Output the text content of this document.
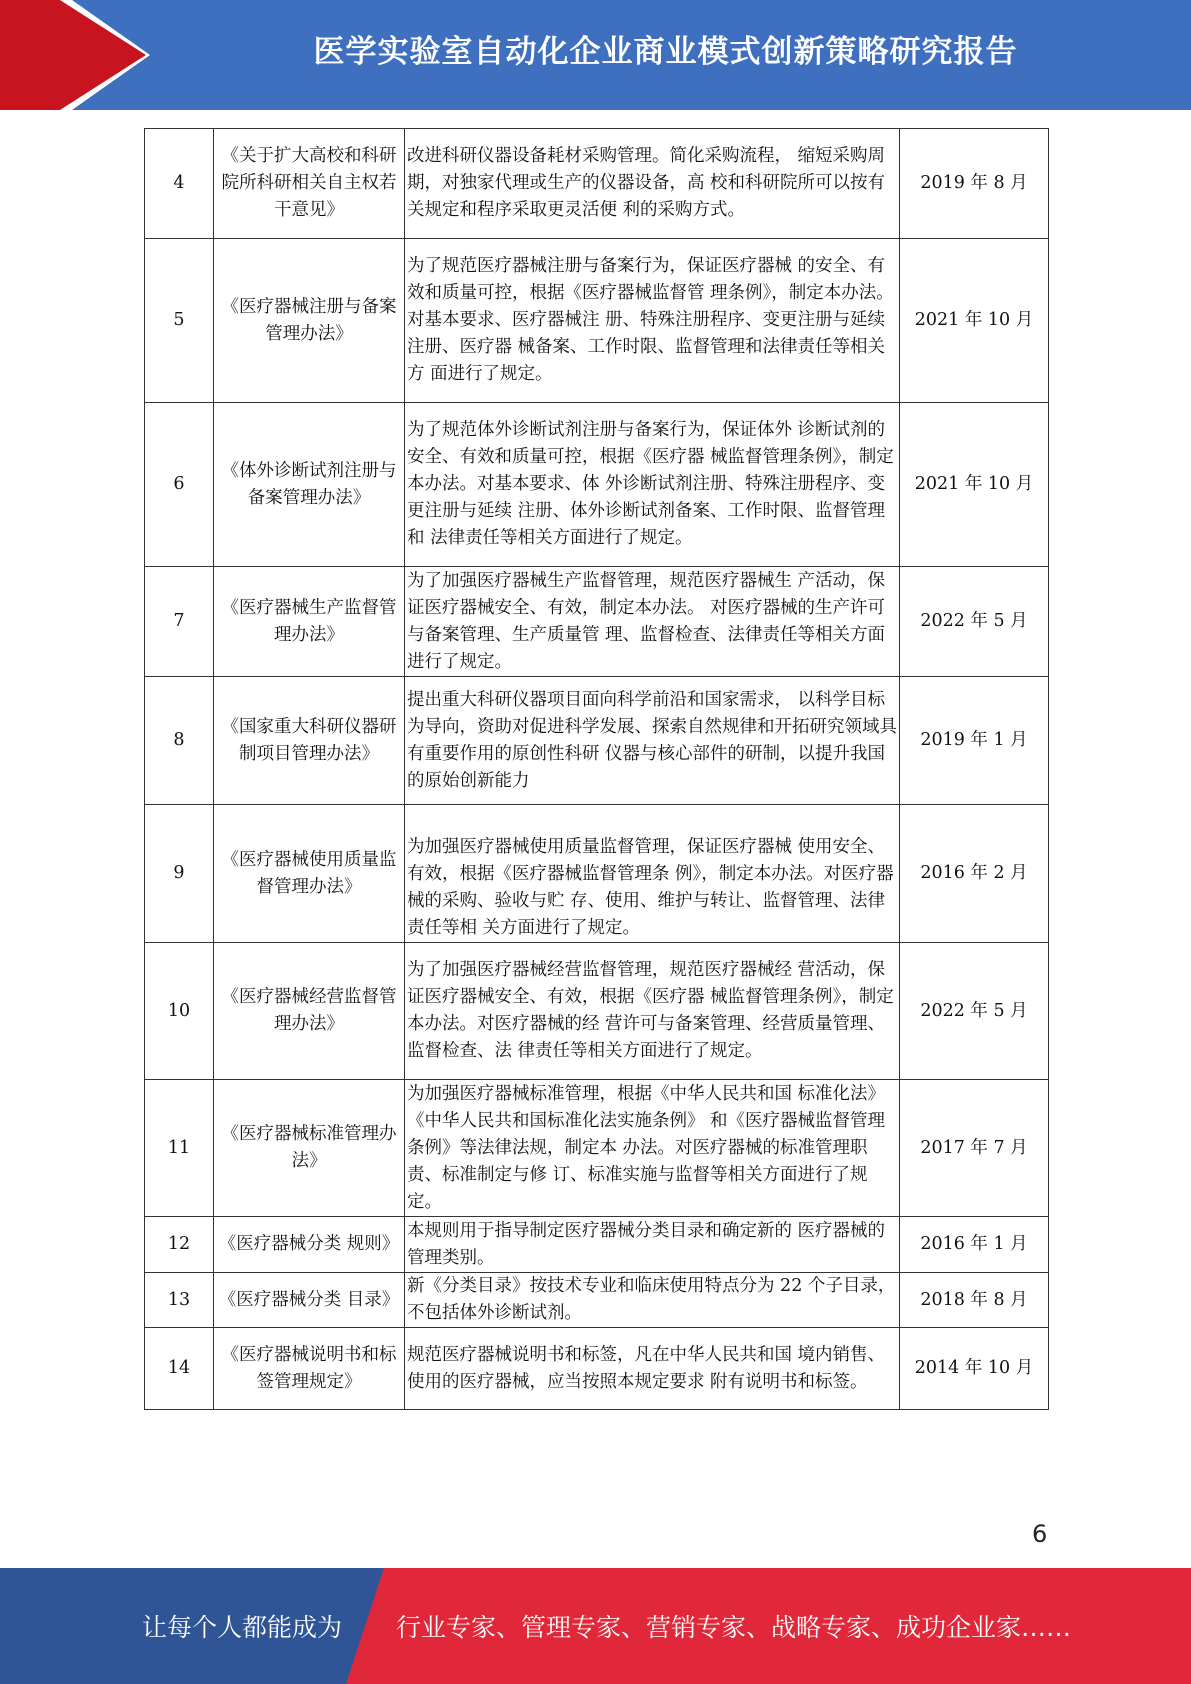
医学实验室自动化企业商业模式创新策略研究报告
4	《关于扩大高校和科研院所科研相关自主权若干意见》	改进科研仪器设备耗材采购管理。简化采购流程， 缩短采购周期，对独家代理或生产的仪器设备，高 校和科研院所可以按有关规定和程序采取更灵活便 利的采购方式。	2019 年 8 月
5	《医疗器械注册与备案管理办法》	为了规范医疗器械注册与备案行为，保证医疗器械 的安全、有效和质量可控，根据《医疗器械监督管 理条例》，制定本办法。对基本要求、医疗器械注 册、特殊注册程序、变更注册与延续注册、医疗器 械备案、工作时限、监督管理和法律责任等相关方 面进行了规定。	2021 年 10 月
6	《体外诊断试剂注册与备案管理办法》	为了规范体外诊断试剂注册与备案行为，保证体外 诊断试剂的安全、有效和质量可控，根据《医疗器 械监督管理条例》，制定本办法。对基本要求、体 外诊断试剂注册、特殊注册程序、变更注册与延续 注册、体外诊断试剂备案、工作时限、监督管理和 法律责任等相关方面进行了规定。	2021 年 10 月
7	《医疗器械生产监督管理办法》	为了加强医疗器械生产监督管理，规范医疗器械生 产活动，保证医疗器械安全、有效，制定本办法。 对医疗器械的生产许可与备案管理、生产质量管 理、监督检查、法律责任等相关方面进行了规定。	2022 年 5 月
8	《国家重大科研仪器研制项目管理办法》	提出重大科研仪器项目面向科学前沿和国家需求， 以科学目标为导向，资助对促进科学发展、探索自然规律和开拓研究领域具有重要作用的原创性科研 仪器与核心部件的研制，以提升我国的原始创新能力	2019 年 1 月
9	《医疗器械使用质量监督管理办法》	为加强医疗器械使用质量监督管理，保证医疗器械 使用安全、有效，根据《医疗器械监督管理条 例》，制定本办法。对医疗器械的采购、验收与贮 存、使用、维护与转让、监督管理、法律责任等相 关方面进行了规定。	2016 年 2 月
10	《医疗器械经营监督管理办法》	为了加强医疗器械经营监督管理，规范医疗器械经 营活动，保证医疗器械安全、有效，根据《医疗器 械监督管理条例》，制定本办法。对医疗器械的经 营许可与备案管理、经营质量管理、监督检查、法 律责任等相关方面进行了规定。	2022 年 5 月
11	《医疗器械标准管理办法》	为加强医疗器械标准管理，根据《中华人民共和国 标准化法》《中华人民共和国标准化法实施条例》 和《医疗器械监督管理条例》等法律法规，制定本 办法。对医疗器械的标准管理职责、标准制定与修 订、标准实施与监督等相关方面进行了规定。	2017 年 7 月
12	《医疗器械分类 规则》	本规则用于指导制定医疗器械分类目录和确定新的 医疗器械的管理类别。	2016 年 1 月
13	《医疗器械分类 目录》	新《分类目录》按技术专业和临床使用特点分为 22 个子目录，不包括体外诊断试剂。	2018 年 8 月
14	《医疗器械说明书和标签管理规定》	规范医疗器械说明书和标签，凡在中华人民共和国 境内销售、使用的医疗器械，应当按照本规定要求 附有说明书和标签。	2014 年 10 月
6
让每个人都能成为 行业专家、管理专家、营销专家、战略专家、成功企业家……
